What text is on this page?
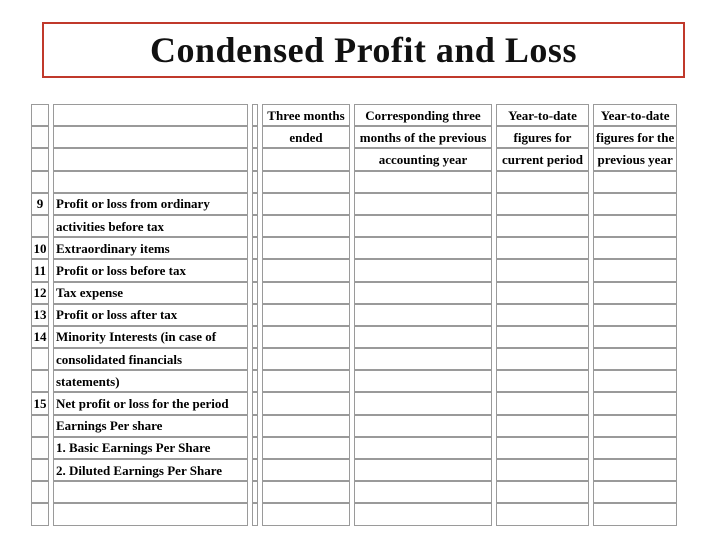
Condensed Profit and Loss
			Three months	Corresponding three	Year-to-date	Year-to-date
			ended	months of the previous	figures for	figures for the
				accounting year	current period	previous year

9	Profit or loss from ordinary					
	activities before tax					
10	Extraordinary items					
11	Profit or loss before tax					
12	Tax expense					
13	Profit or loss after tax					
14	Minority Interests (in case of					
	consolidated financials					
	statements)					
15	Net profit or loss for the period					
	Earnings Per share					
	1. Basic Earnings Per Share					
	2. Diluted Earnings Per Share					
